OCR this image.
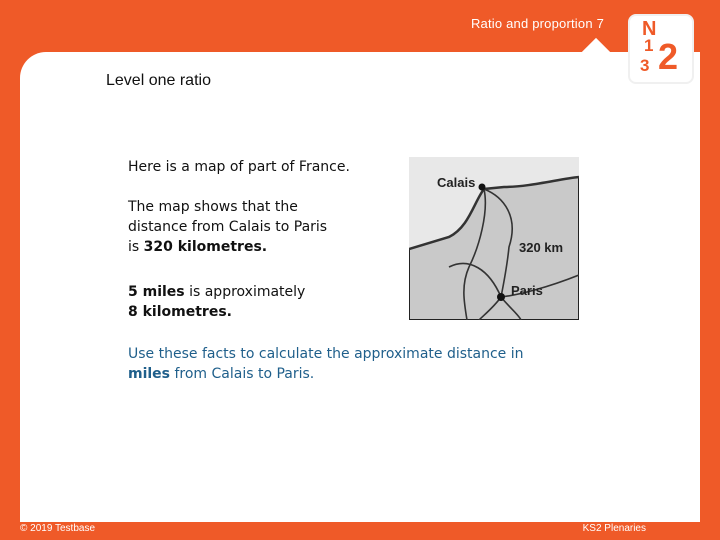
Ratio and proportion 7 N
1
3 2
Level one ratio
Here is a map of part of France.
The map shows that the
distance from Calais to Paris
is 320 kilometres.
5 miles is approximately
8 kilometres.
Use these facts to calculate the approximate distance in
miles from Calais to Paris.
Calais
320 km
Paris
© 2019 Testbase	KS2 Plenaries
